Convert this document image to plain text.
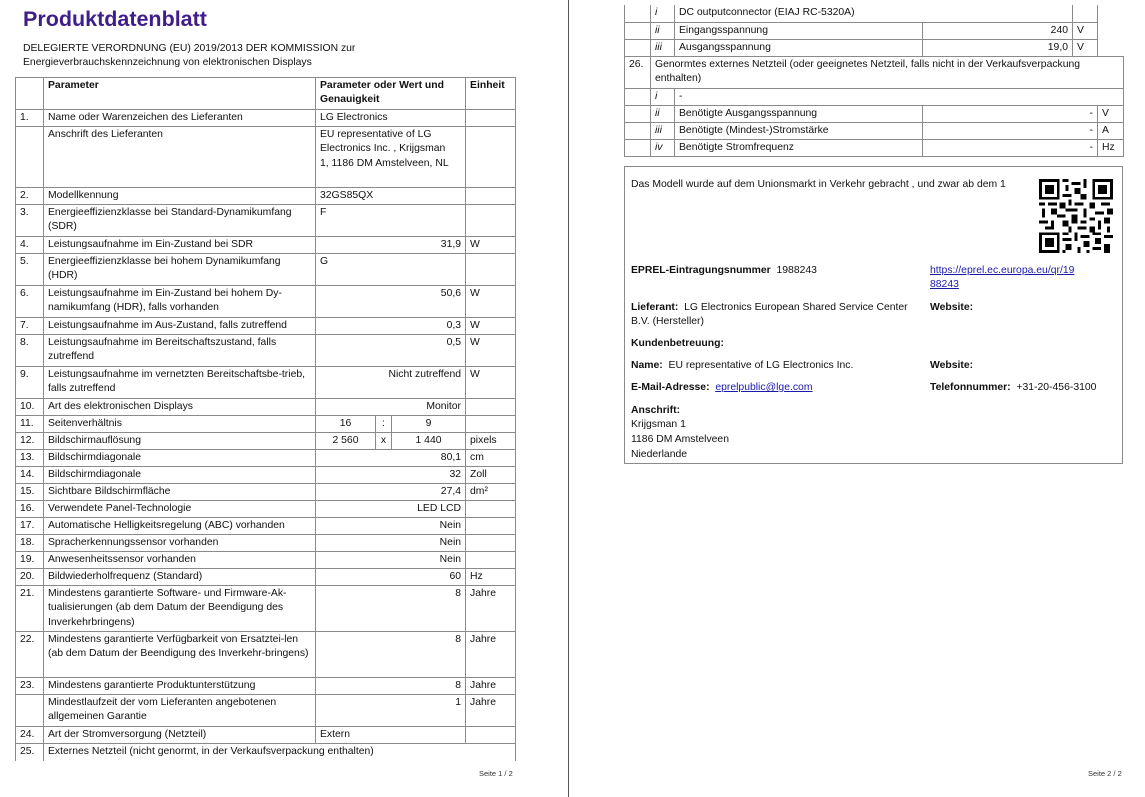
Produktdatenblatt
DELEGIERTE VERORDNUNG (EU) 2019/2013 DER KOMMISSION zur Energieverbrauchskennzeichnung von elektronischen Displays
	Parameter	Parameter oder Wert und Genauigkeit			Einheit
1.	Name oder Warenzeichen des Lieferanten	LG Electronics			
	Anschrift des Lieferanten	EU representative of LG Electronics Inc. , Krijgsman 1, 1186 DM Amstelveen, NL			
2.	Modellkennung	32GS85QX			
3.	Energieeffizienzklasse bei Standard-Dynamikumfang (SDR)	F			
4.	Leistungsaufnahme im Ein-Zustand bei SDR	31,9			W
5.	Energieeffizienzklasse bei hohem Dynamikumfang (HDR)	G			
6.	Leistungsaufnahme im Ein-Zustand bei hohem Dy-namikumfang (HDR), falls vorhanden	50,6			W
7.	Leistungsaufnahme im Aus-Zustand, falls zutreffend	0,3			W
8.	Leistungsaufnahme im Bereitschaftszustand, falls zutreffend	0,5			W
9.	Leistungsaufnahme im vernetzten Bereitschaftsbe-trieb, falls zutreffend	Nicht zutreffend			W
10.	Art des elektronischen Displays	Monitor			
11.	Seitenverhältnis	16	:	9	
12.	Bildschirmauflösung	2 560	x	1 440	pixels
13.	Bildschirmdiagonale	80,1			cm
14.	Bildschirmdiagonale	32			Zoll
15.	Sichtbare Bildschirmfläche	27,4			dm²
16.	Verwendete Panel-Technologie	LED LCD			
17.	Automatische Helligkeitsregelung (ABC) vorhanden	Nein			
18.	Spracherkennungssensor vorhanden	Nein			
19.	Anwesenheitssensor vorhanden	Nein			
20.	Bildwiederholfrequenz (Standard)	60			Hz
21.	Mindestens garantierte Software- und Firmware-Ak-tualisierungen (ab dem Datum der Beendigung des Inverkehrbringens)	8			Jahre
22.	Mindestens garantierte Verfügbarkeit von Ersatztei-len (ab dem Datum der Beendigung des Inverkehr-bringens)	8			Jahre
23.	Mindestens garantierte Produktunterstützung	8			Jahre
	Mindestlaufzeit der vom Lieferanten angebotenen allgemeinen Garantie	1			Jahre
24.	Art der Stromversorgung (Netzteil)	Extern			
25.	Externes Netzteil (nicht genormt, in der Verkaufsverpackung enthalten)				
Seite 1 / 2
	i	DC outputconnector (EIAJ RC-5320A)			
	ii	Eingangsspannung	240	V	
	iii	Ausgangsspannung	19,0	V	
26.	Genormtes externes Netzteil (oder geeignetes Netzteil, falls nicht in der Verkaufsverpackung enthalten)				
	i	-			
	ii	Benötigte Ausgangsspannung	-		V
	iii	Benötigte (Mindest-)Stromstärke	-		A
	iv	Benötigte Stromfrequenz	-		Hz
Das Modell wurde auf dem Unionsmarkt in Verkehr gebracht , und zwar ab dem 1
EPREL-Eintragungsnummer 1988243	https://eprel.ec.europa.eu/qr/19
88243
Lieferant: LG Electronics European Shared Service Center
B.V. (Hersteller)
Website:
Kundenbetreuung:
Name: EU representative of LG Electronics Inc.	Website:
E-Mail-Adresse: eprelpublic@lge.com	Telefonnummer: +31-20-456-3100
Anschrift:
Krijgsman 1
1186 DM Amstelveen
Niederlande
Seite 2 / 2
